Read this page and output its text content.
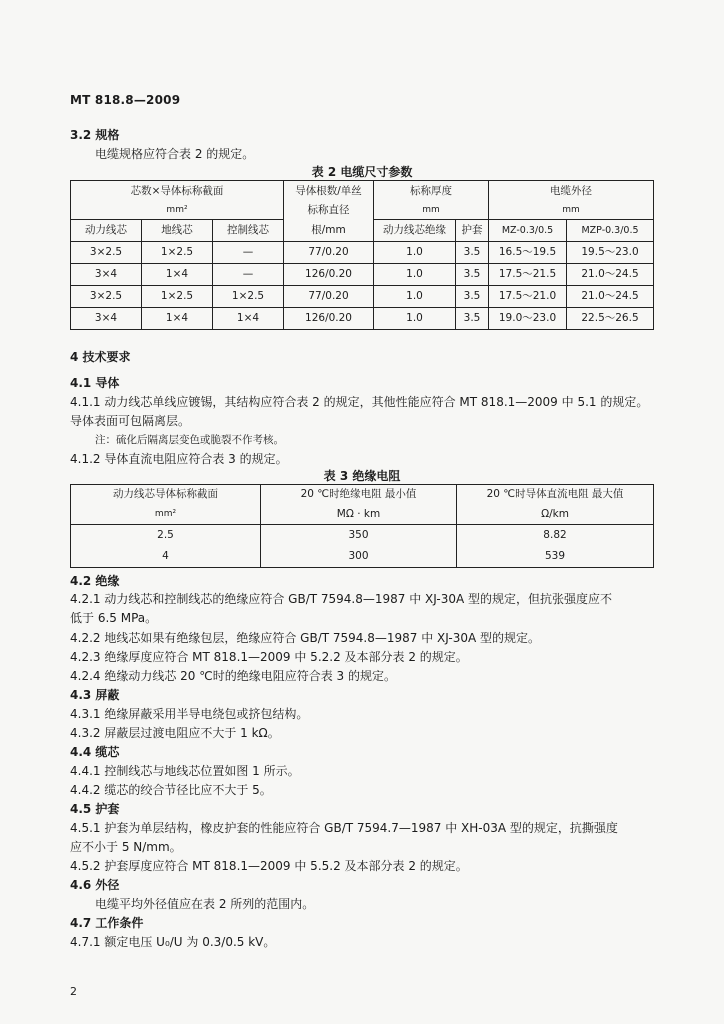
MT 818.8—2009
3.2 规格
电缆规格应符合表 2 的规定。
表 2 电缆尺寸参数
芯数×导体标称截面			导体根数/单丝	标称厚度		电缆外径	
mm²			标称直径	mm		mm	
动力线芯	地线芯	控制线芯	根/mm	动力线芯绝缘	护套	MZ-0.3/0.5	MZP-0.3/0.5
3×2.5	1×2.5	—	77/0.20	1.0	3.5	16.5～19.5	19.5～23.0
3×4	1×4	—	126/0.20	1.0	3.5	17.5～21.5	21.0～24.5
3×2.5	1×2.5	1×2.5	77/0.20	1.0	3.5	17.5～21.0	21.0～24.5
3×4	1×4	1×4	126/0.20	1.0	3.5	19.0～23.0	22.5～26.5
4 技术要求
4.1 导体
4.1.1 动力线芯单线应镀锡，其结构应符合表 2 的规定，其他性能应符合 MT 818.1—2009 中 5.1 的规定。
导体表面可包隔离层。
注：硫化后隔离层变色或脆裂不作考核。
4.1.2 导体直流电阻应符合表 3 的规定。
表 3 绝缘电阻
动力线芯导体标称截面	20 ℃时绝缘电阻 最小值	20 ℃时导体直流电阻 最大值
mm²	MΩ · km	Ω/km
2.5	350	8.82
4	300	539
4.2 绝缘
4.2.1 动力线芯和控制线芯的绝缘应符合 GB/T 7594.8—1987 中 XJ-30A 型的规定，但抗张强度应不
低于 6.5 MPa。
4.2.2 地线芯如果有绝缘包层，绝缘应符合 GB/T 7594.8—1987 中 XJ-30A 型的规定。
4.2.3 绝缘厚度应符合 MT 818.1—2009 中 5.2.2 及本部分表 2 的规定。
4.2.4 绝缘动力线芯 20 ℃时的绝缘电阻应符合表 3 的规定。
4.3 屏蔽
4.3.1 绝缘屏蔽采用半导电绕包或挤包结构。
4.3.2 屏蔽层过渡电阻应不大于 1 kΩ。
4.4 缆芯
4.4.1 控制线芯与地线芯位置如图 1 所示。
4.4.2 缆芯的绞合节径比应不大于 5。
4.5 护套
4.5.1 护套为单层结构，橡皮护套的性能应符合 GB/T 7594.7—1987 中 XH-03A 型的规定，抗撕强度
应不小于 5 N/mm。
4.5.2 护套厚度应符合 MT 818.1—2009 中 5.5.2 及本部分表 2 的规定。
4.6 外径
电缆平均外径值应在表 2 所列的范围内。
4.7 工作条件
4.7.1 额定电压 U₀/U 为 0.3/0.5 kV。
2
